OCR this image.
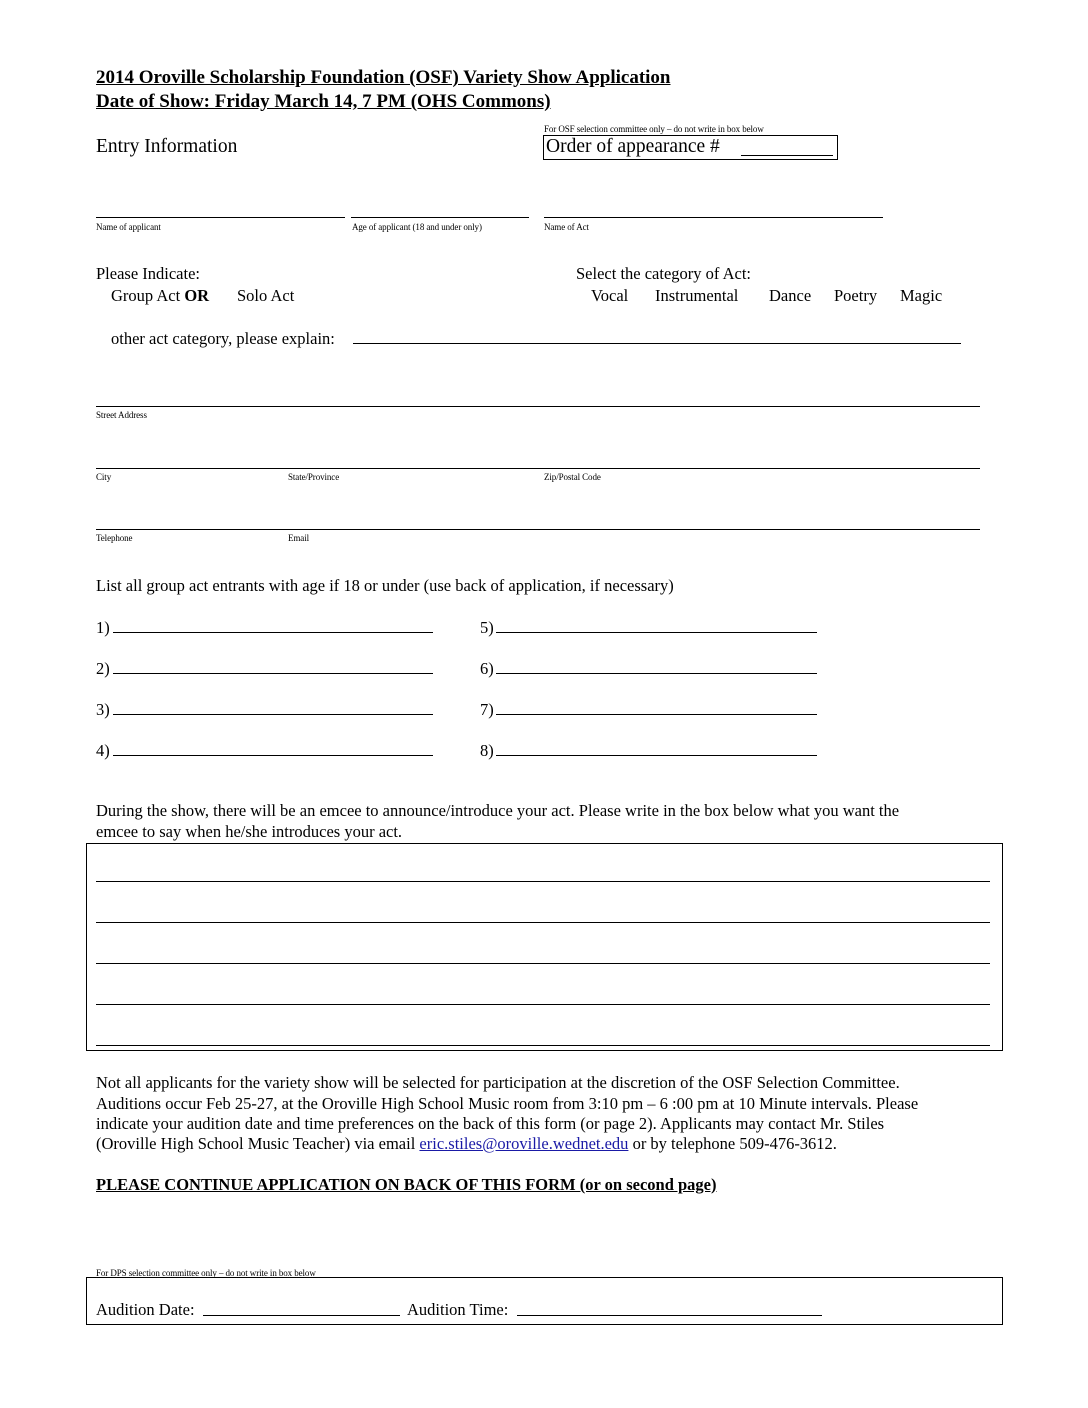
2014 Oroville Scholarship Foundation (OSF) Variety Show Application
Date of Show: Friday March 14, 7 PM (OHS Commons)
Entry Information
For OSF selection committee only – do not write in box below
Order of appearance #
Name of applicant	Age of applicant (18 and under only)	Name of Act
Please Indicate:
Group Act OR Solo Act
Select the category of Act:
Vocal Instrumental Dance Poetry Magic
other act category, please explain:
Street Address
City	State/Province	Zip/Postal Code
Telephone	Email
List all group act entrants with age if 18 or under (use back of application, if necessary)
1)
2)
3)
4)
5)
6)
7)
8)
During the show, there will be an emcee to announce/introduce your act. Please write in the box below what you want the
emcee to say when he/she introduces your act.
Not all applicants for the variety show will be selected for participation at the discretion of the OSF Selection Committee.
Auditions occur Feb 25-27, at the Oroville High School Music room from 3:10 pm – 6 :00 pm at 10 Minute intervals. Please
indicate your audition date and time preferences on the back of this form (or page 2). Applicants may contact Mr. Stiles
(Oroville High School Music Teacher) via email eric.stiles@oroville.wednet.edu or by telephone 509-476-3612.
PLEASE CONTINUE APPLICATION ON BACK OF THIS FORM (or on second page)
For DPS selection committee only – do not write in box below
Audition Date:	Audition Time:
